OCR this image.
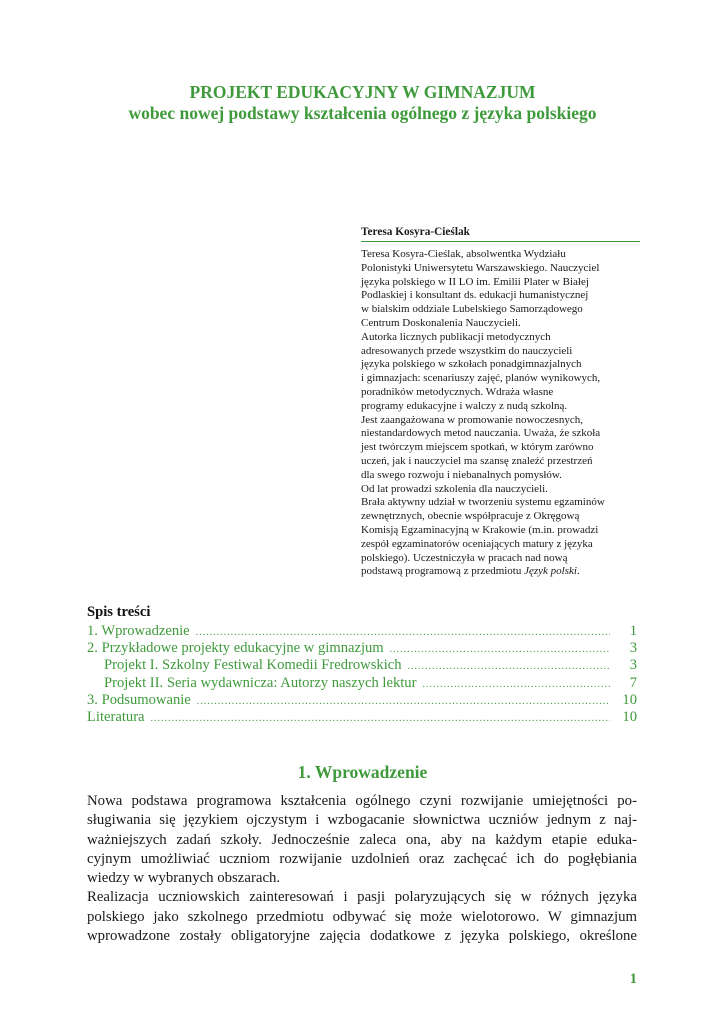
PROJEKT EDUKACYJNY W GIMNAZJUM
wobec nowej podstawy kształcenia ogólnego z języka polskiego
Teresa Kosyra-Cieślak
Teresa Kosyra-Cieślak, absolwentka Wydziału
Polonistyki Uniwersytetu Warszawskiego. Nauczyciel
języka polskiego w II LO im. Emilii Plater w Białej
Podlaskiej i konsultant ds. edukacji humanistycznej
w bialskim oddziale Lubelskiego Samorządowego
Centrum Doskonalenia Nauczycieli.
Autorka licznych publikacji metodycznych
adresowanych przede wszystkim do nauczycieli
języka polskiego w szkołach ponadgimnazjalnych
i gimnazjach: scenariuszy zajęć, planów wynikowych,
poradników metodycznych. Wdraża własne
programy edukacyjne i walczy z nudą szkolną.
Jest zaangażowana w promowanie nowoczesnych,
niestandardowych metod nauczania. Uważa, że szkoła
jest twórczym miejscem spotkań, w którym zarówno
uczeń, jak i nauczyciel ma szansę znaleźć przestrzeń
dla swego rozwoju i niebanalnych pomysłów.
Od lat prowadzi szkolenia dla nauczycieli.
Brała aktywny udział w tworzeniu systemu egzaminów
zewnętrznych, obecnie współpracuje z Okręgową
Komisją Egzaminacyjną w Krakowie (m.in. prowadzi
zespół egzaminatorów oceniających matury z języka
polskiego). Uczestniczyła w pracach nad nową
podstawą programową z przedmiotu Język polski.
Spis treści
1. Wprowadzenie .....	1
2. Przykładowe projekty edukacyjne w gimnazjum .....	3
Projekt I. Szkolny Festiwal Komedii Fredrowskich .....	3
Projekt II. Seria wydawnicza: Autorzy naszych lektur .....	7
3. Podsumowanie .....	10
Literatura .....	10
1. Wprowadzenie
Nowa podstawa programowa kształcenia ogólnego czyni rozwijanie umiejętności po-
sługiwania się językiem ojczystym i wzbogacanie słownictwa uczniów jednym z naj-
ważniejszych zadań szkoły. Jednocześnie zaleca ona, aby na każdym etapie eduka-
cyjnym umożliwiać uczniom rozwijanie uzdolnień oraz zachęcać ich do pogłębiania
wiedzy w wybranych obszarach.
Realizacja uczniowskich zainteresowań i pasji polaryzujących się w różnych języka
polskiego jako szkolnego przedmiotu odbywać się może wielotorowo. W gimnazjum
wprowadzone zostały obligatoryjne zajęcia dodatkowe z języka polskiego, określone
1
